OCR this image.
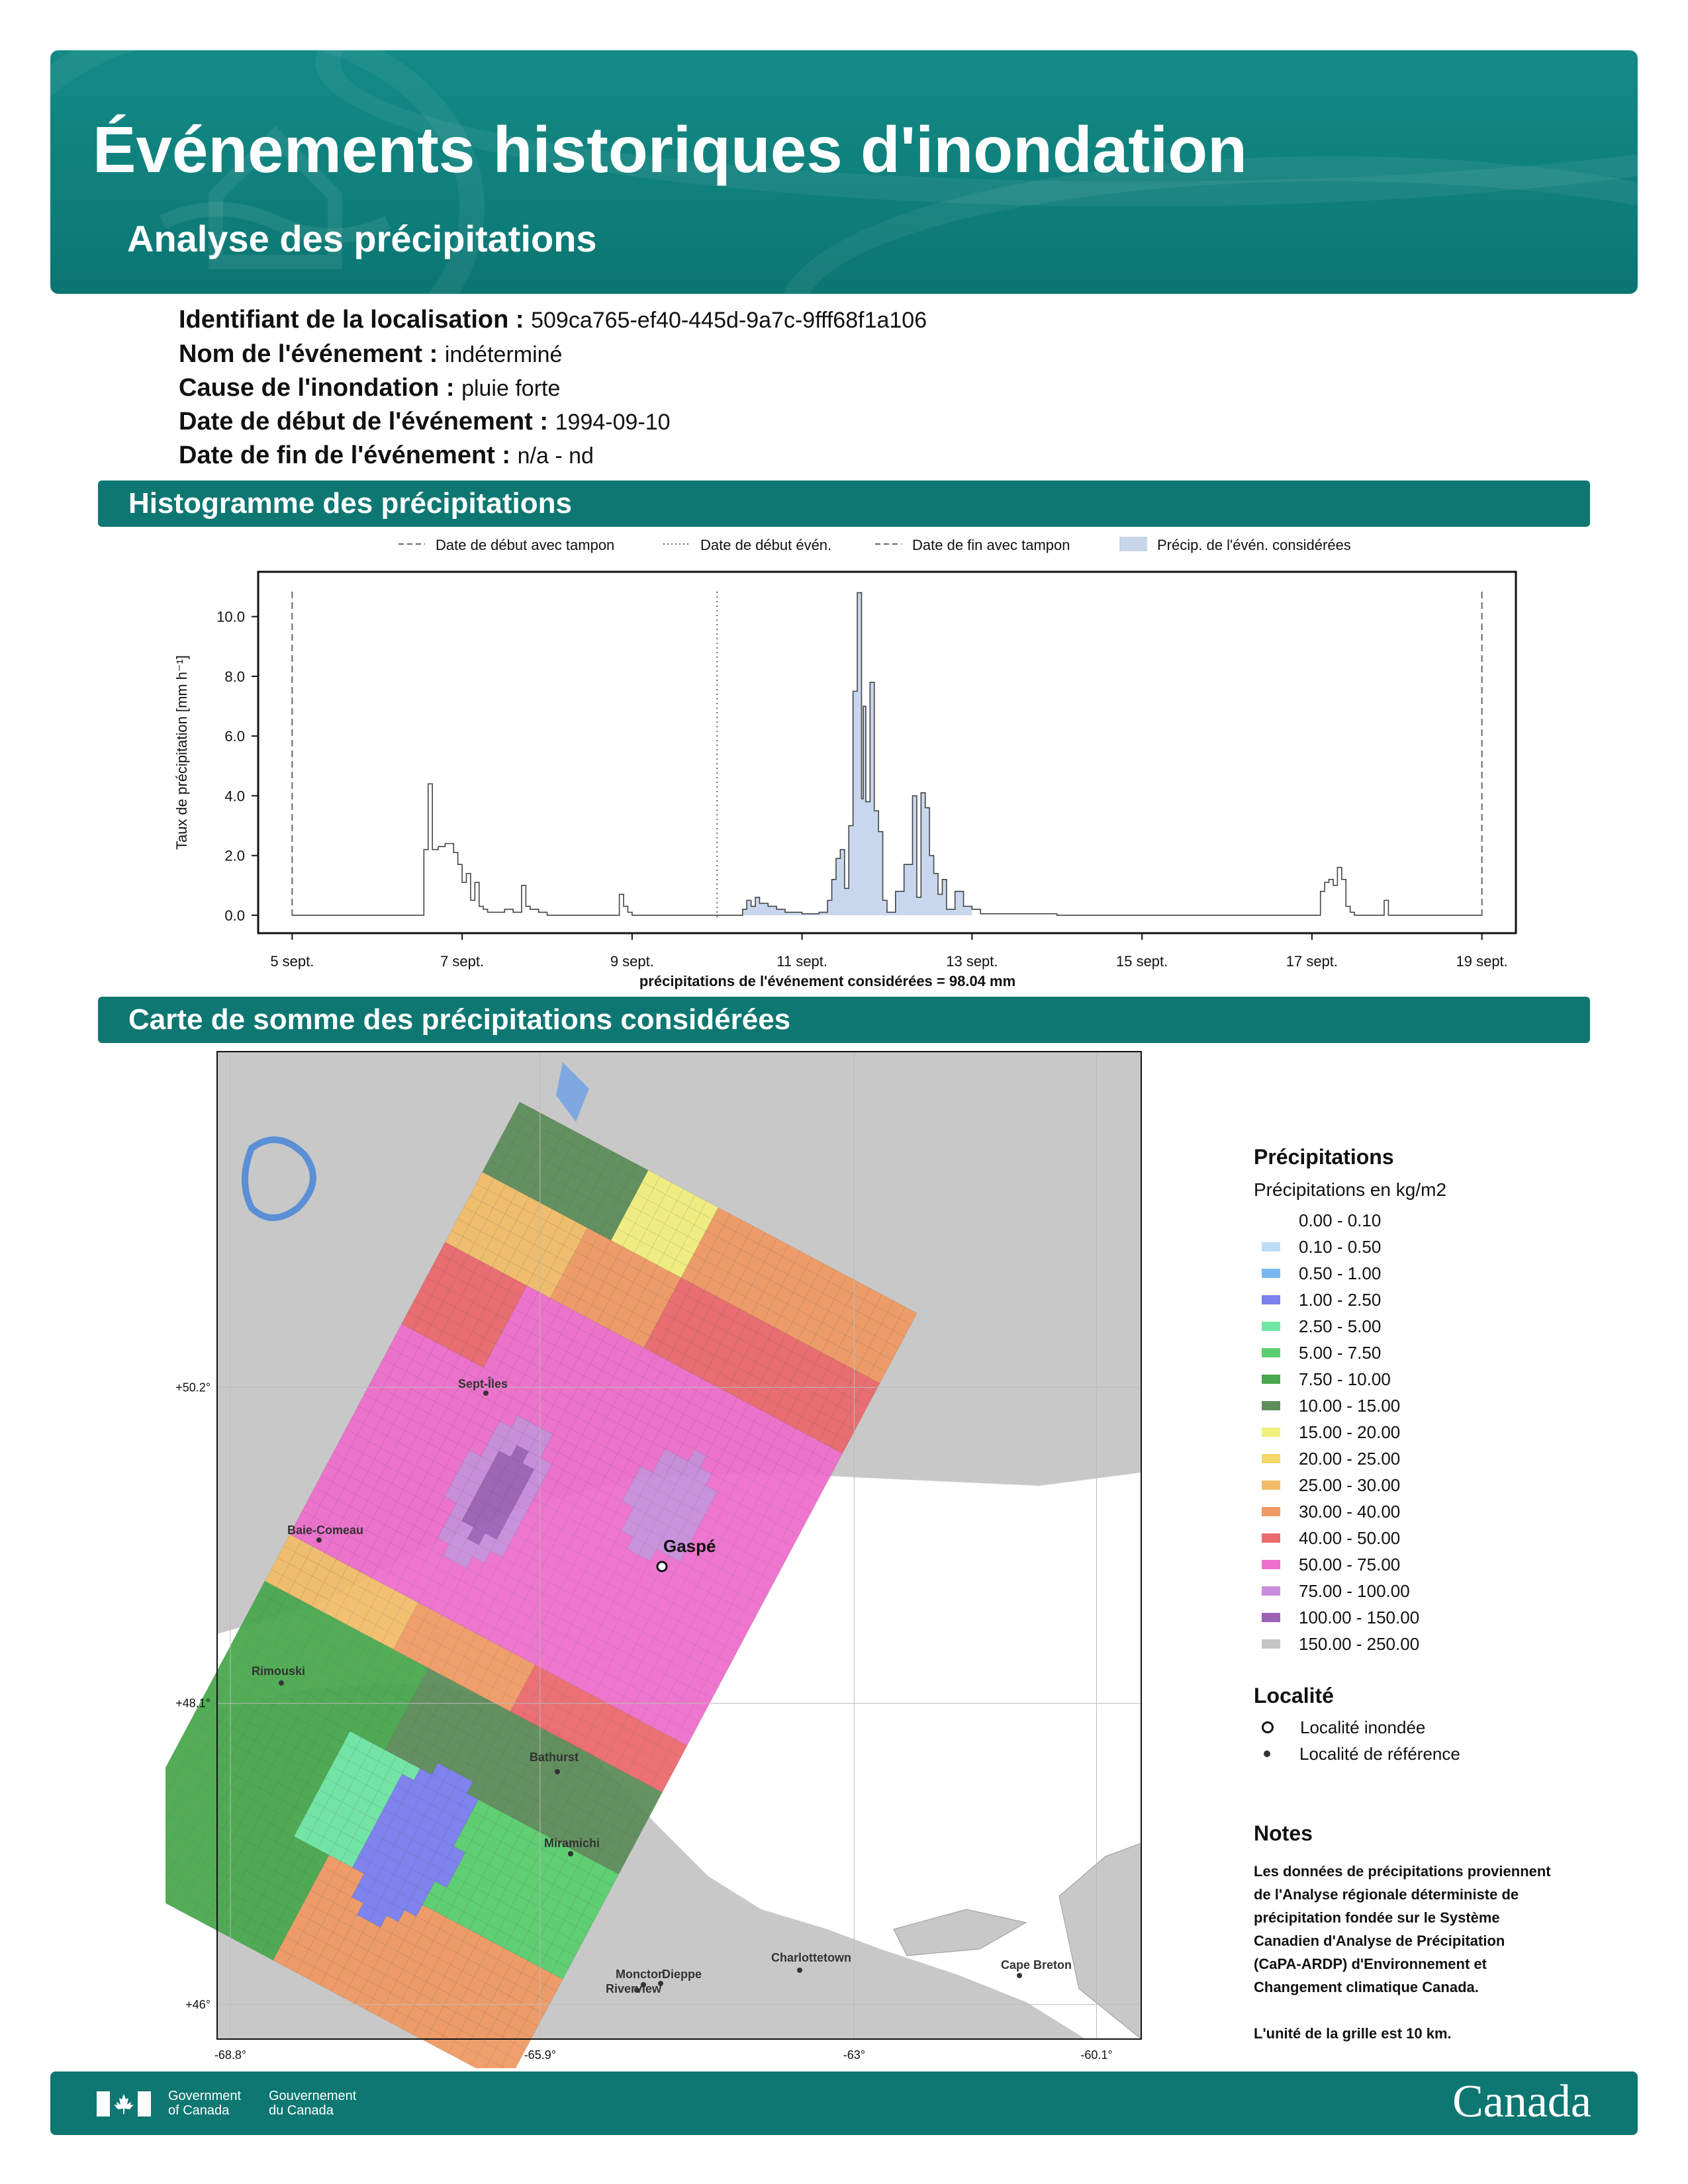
Événements historiques d'inondation
Analyse des précipitations
Identifiant de la localisation : 509ca765-ef40-445d-9a7c-9fff68f1a106
Nom de l'événement : indéterminé
Cause de l'inondation : pluie forte
Date de début de l'événement : 1994-09-10
Date de fin de l'événement : n/a - nd
Histogramme des précipitations
Date de début avec tampon	Date de début évén.	Date de fin avec tampon	Précip. de l'évén. considérées
0.0
2.0
4.0
6.0
8.0
10.0
5 sept.	7 sept.	9 sept.	11 sept.	13 sept.	15 sept.	17 sept.	19 sept.
Taux de précipitation [mm h⁻¹]
précipitations de l'événement considérées = 98.04 mm
Carte de somme des précipitations considérées
-68.8°	-65.9°	-63°	-60.1°
+50.2°
+48.1°
+46°
Sept-Îles
Baie-Comeau
Rimouski
Bathurst
Miramichi
Moncton
Dieppe
Riverview
Charlottetown
Cape Breton
Gaspé
Précipitations
Précipitations en kg/m2
0.00 - 0.10
0.10 - 0.50
0.50 - 1.00
1.00 - 2.50
2.50 - 5.00
5.00 - 7.50
7.50 - 10.00
10.00 - 15.00
15.00 - 20.00
20.00 - 25.00
25.00 - 30.00
30.00 - 40.00
40.00 - 50.00
50.00 - 75.00
75.00 - 100.00
100.00 - 150.00
150.00 - 250.00
Localité
Localité inondée
Localité de référence
Notes
Les données de précipitations proviennent
de l'Analyse régionale déterministe de
précipitation fondée sur le Système
Canadien d'Analyse de Précipitation
(CaPA-ARDP) d'Environnement et
Changement climatique Canada.
L'unité de la grille est 10 km.
Government
of Canada
Gouvernement
du Canada	Canada
